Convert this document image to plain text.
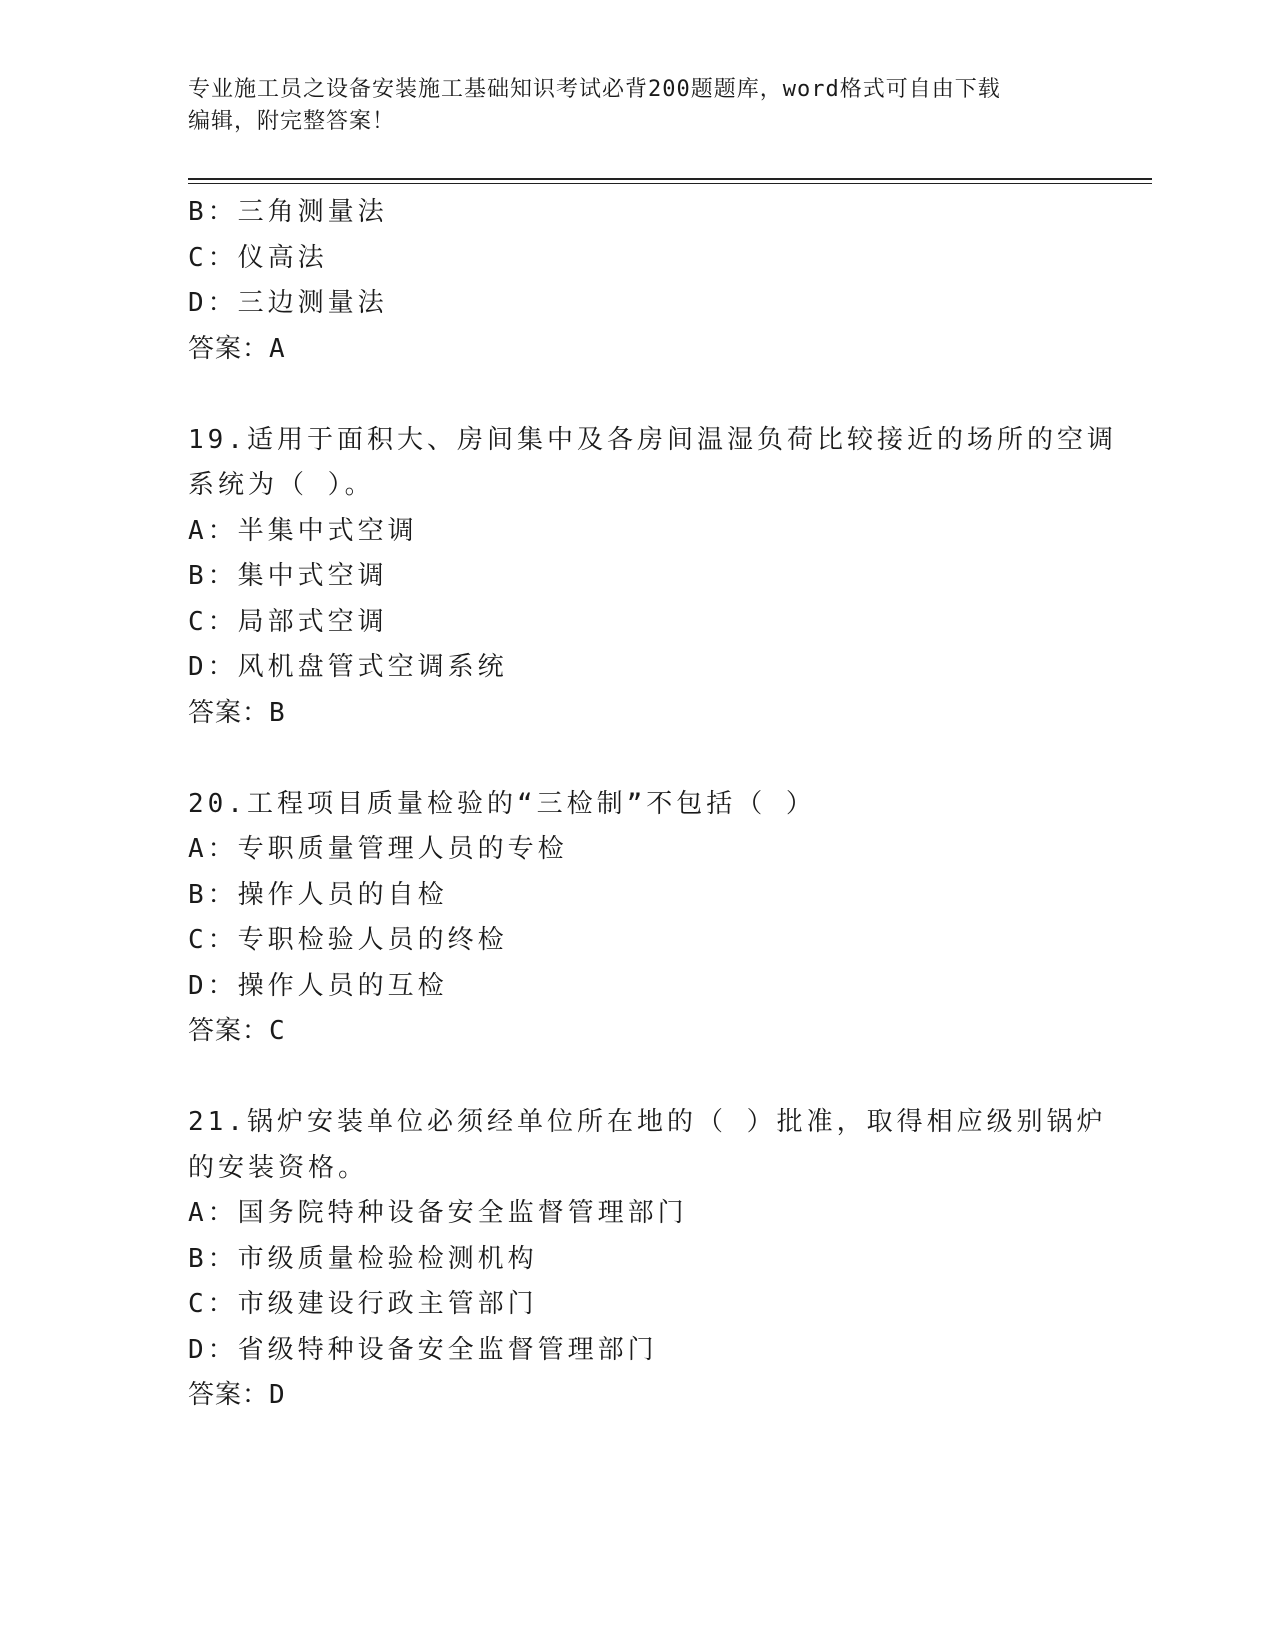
专业施工员之设备安装施工基础知识考试必背200题题库，word格式可自由下载
编辑，附完整答案！
B：三角测量法
C：仪高法
D：三边测量法
答案：A
19.适用于面积大、房间集中及各房间温湿负荷比较接近的场所的空调
系统为（ ）。
A：半集中式空调
B：集中式空调
C：局部式空调
D：风机盘管式空调系统
答案：B
20.工程项目质量检验的“三检制”不包括（ ）
A：专职质量管理人员的专检
B：操作人员的自检
C：专职检验人员的终检
D：操作人员的互检
答案：C
21.锅炉安装单位必须经单位所在地的（ ）批准，取得相应级别锅炉
的安装资格。
A：国务院特种设备安全监督管理部门
B：市级质量检验检测机构
C：市级建设行政主管部门
D：省级特种设备安全监督管理部门
答案：D
